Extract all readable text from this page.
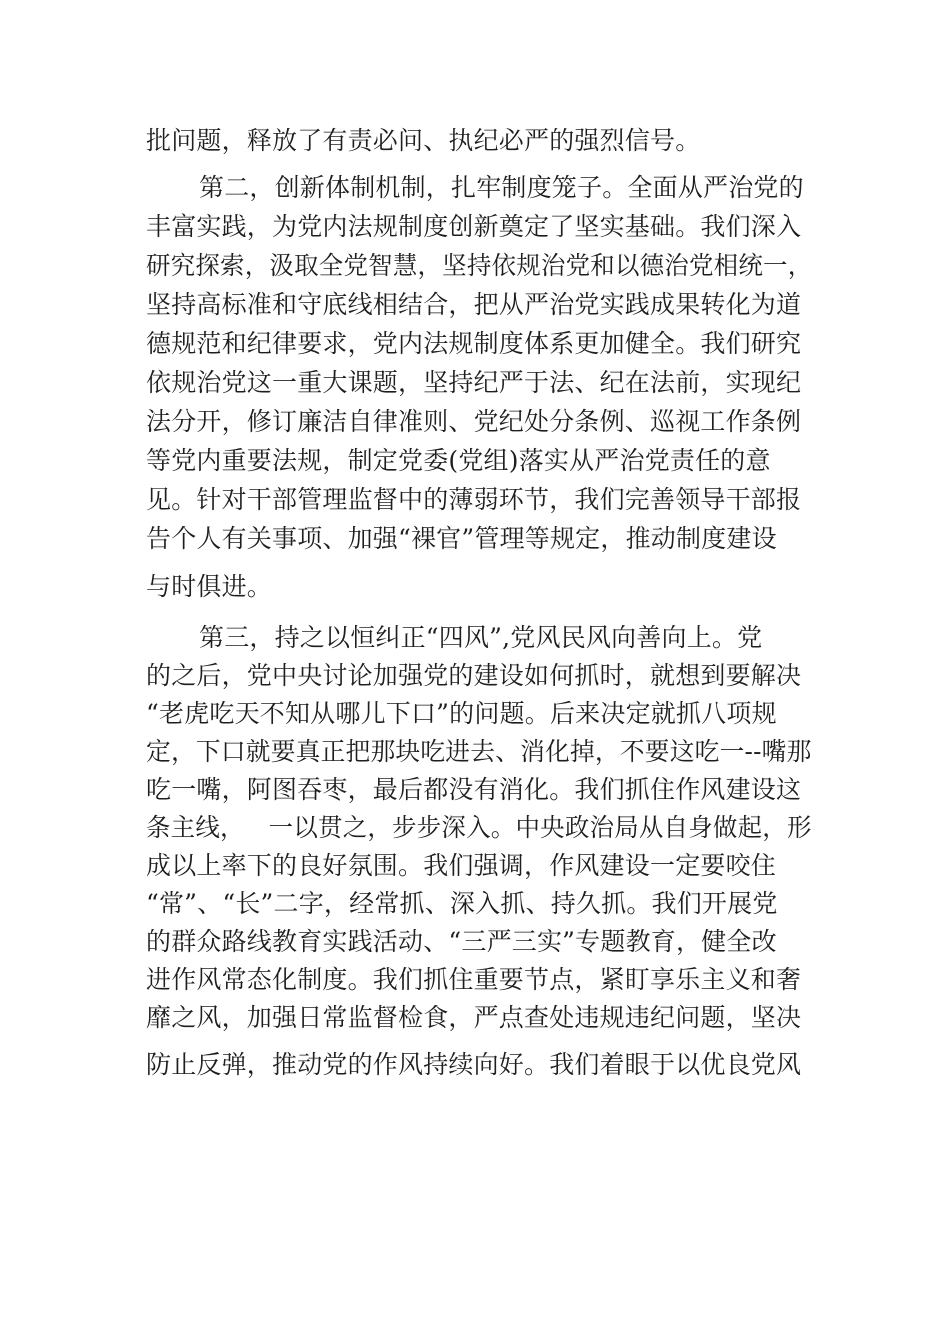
批问题，释放了有责必问、执纪必严的强烈信号。
第二，创新体制机制，扎牢制度笼子。全面从严治党的
丰富实践，为党内法规制度创新奠定了坚实基础。我们深入
研究探索，汲取全党智慧，坚持依规治党和以德治党相统一，
坚持高标准和守底线相结合，把从严治党实践成果转化为道
德规范和纪律要求，党内法规制度体系更加健全。我们研究
依规治党这一重大课题，坚持纪严于法、纪在法前，实现纪
法分开，修订廉洁自律准则、党纪处分条例、巡视工作条例
等党内重要法规，制定党委(党组)落实从严治党责任的意
见。针对干部管理监督中的薄弱环节，我们完善领导干部报
告个人有关事项、加强“裸官”管理等规定，推动制度建设
与时俱进。
第三，持之以恒纠正“四风”,党风民风向善向上。党
的之后，党中央讨论加强党的建设如何抓时，就想到要解决
“老虎吃天不知从哪儿下口”的问题。后来决定就抓八项规
定，下口就要真正把那块吃进去、消化掉，不要这吃一--嘴那
吃一嘴，阿图吞枣，最后都没有消化。我们抓住作风建设这
条主线，   一以贯之，步步深入。中央政治局从自身做起，形
成以上率下的良好氛围。我们强调，作风建设一定要咬住
“常”、“长”二字，经常抓、深入抓、持久抓。我们开展党
的群众路线教育实践活动、“三严三实”专题教育，健全改
进作风常态化制度。我们抓住重要节点，紧盯享乐主义和奢
靡之风，加强日常监督检食，严点查处违规违纪问题，坚决
防止反弹，推动党的作风持续向好。我们着眼于以优良党风
